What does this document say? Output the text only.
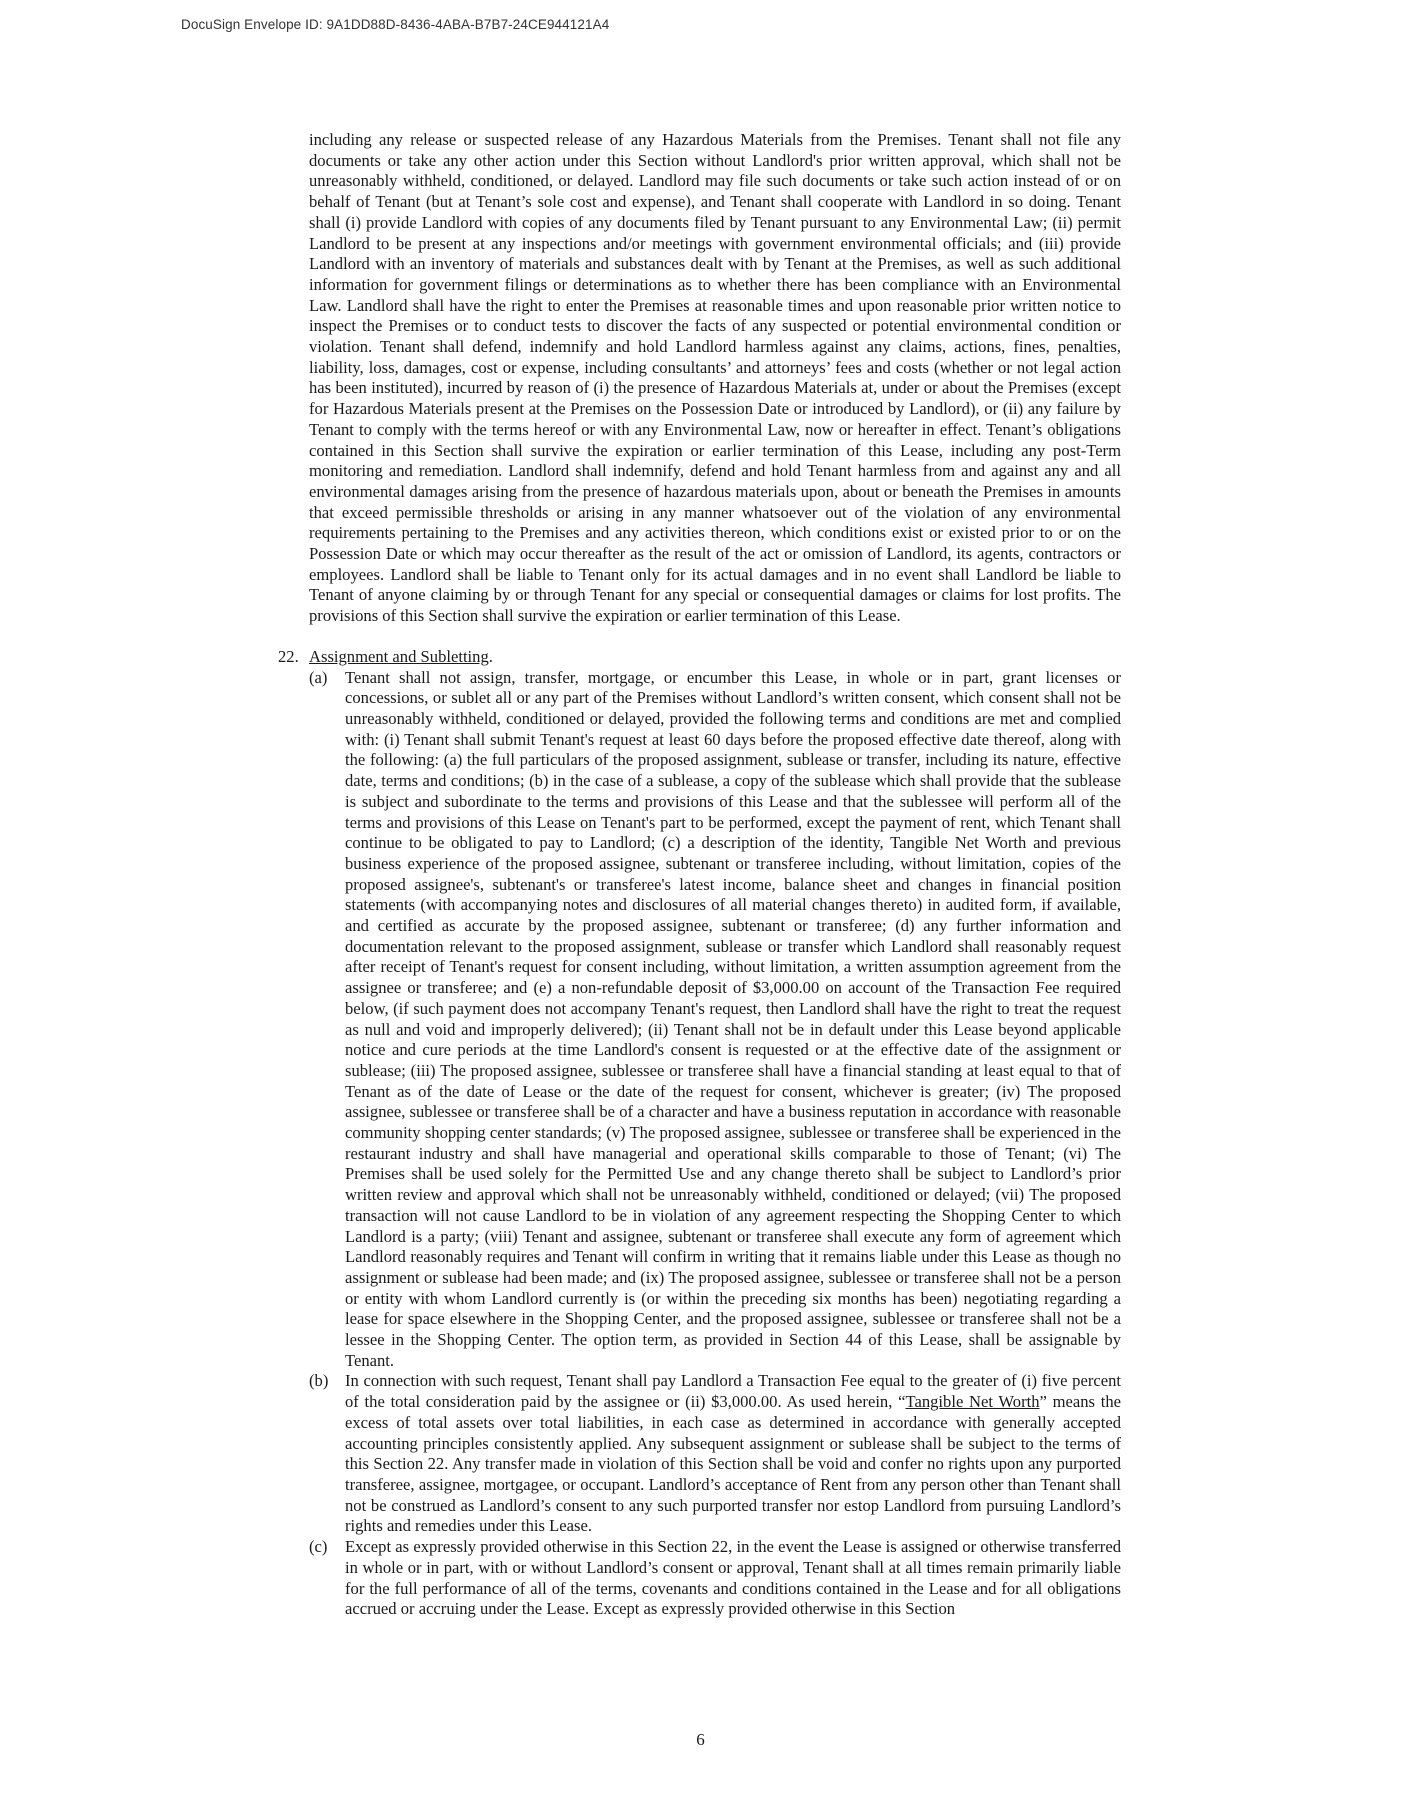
DocuSign Envelope ID: 9A1DD88D-8436-4ABA-B7B7-24CE944121A4

including any release or suspected release of any Hazardous Materials from the Premises. Tenant shall not file any documents or take any other action under this Section without Landlord's prior written approval, which shall not be unreasonably withheld, conditioned, or delayed. Landlord may file such documents or take such action instead of or on behalf of Tenant (but at Tenant’s sole cost and expense), and Tenant shall cooperate with Landlord in so doing. Tenant shall (i) provide Landlord with copies of any documents filed by Tenant pursuant to any Environmental Law; (ii) permit Landlord to be present at any inspections and/or meetings with government environmental officials; and (iii) provide Landlord with an inventory of materials and substances dealt with by Tenant at the Premises, as well as such additional information for government filings or determinations as to whether there has been compliance with an Environmental Law. Landlord shall have the right to enter the Premises at reasonable times and upon reasonable prior written notice to inspect the Premises or to conduct tests to discover the facts of any suspected or potential environmental condition or violation. Tenant shall defend, indemnify and hold Landlord harmless against any claims, actions, fines, penalties, liability, loss, damages, cost or expense, including consultants’ and attorneys’ fees and costs (whether or not legal action has been instituted), incurred by reason of (i) the presence of Hazardous Materials at, under or about the Premises (except for Hazardous Materials present at the Premises on the Possession Date or introduced by Landlord), or (ii) any failure by Tenant to comply with the terms hereof or with any Environmental Law, now or hereafter in effect. Tenant’s obligations contained in this Section shall survive the expiration or earlier termination of this Lease, including any post-Term monitoring and remediation. Landlord shall indemnify, defend and hold Tenant harmless from and against any and all environmental damages arising from the presence of hazardous materials upon, about or beneath the Premises in amounts that exceed permissible thresholds or arising in any manner whatsoever out of the violation of any environmental requirements pertaining to the Premises and any activities thereon, which conditions exist or existed prior to or on the Possession Date or which may occur thereafter as the result of the act or omission of Landlord, its agents, contractors or employees. Landlord shall be liable to Tenant only for its actual damages and in no event shall Landlord be liable to Tenant of anyone claiming by or through Tenant for any special or consequential damages or claims for lost profits. The provisions of this Section shall survive the expiration or earlier termination of this Lease.

22. Assignment and Subletting.

(a) Tenant shall not assign, transfer, mortgage, or encumber this Lease, in whole or in part, grant licenses or concessions, or sublet all or any part of the Premises without Landlord’s written consent, which consent shall not be unreasonably withheld, conditioned or delayed, provided the following terms and conditions are met and complied with: (i) Tenant shall submit Tenant's request at least 60 days before the proposed effective date thereof, along with the following: (a) the full particulars of the proposed assignment, sublease or transfer, including its nature, effective date, terms and conditions; (b) in the case of a sublease, a copy of the sublease which shall provide that the sublease is subject and subordinate to the terms and provisions of this Lease and that the sublessee will perform all of the terms and provisions of this Lease on Tenant's part to be performed, except the payment of rent, which Tenant shall continue to be obligated to pay to Landlord; (c) a description of the identity, Tangible Net Worth and previous business experience of the proposed assignee, subtenant or transferee including, without limitation, copies of the proposed assignee's, subtenant's or transferee's latest income, balance sheet and changes in financial position statements (with accompanying notes and disclosures of all material changes thereto) in audited form, if available, and certified as accurate by the proposed assignee, subtenant or transferee; (d) any further information and documentation relevant to the proposed assignment, sublease or transfer which Landlord shall reasonably request after receipt of Tenant's request for consent including, without limitation, a written assumption agreement from the assignee or transferee; and (e) a non-refundable deposit of $3,000.00 on account of the Transaction Fee required below, (if such payment does not accompany Tenant's request, then Landlord shall have the right to treat the request as null and void and improperly delivered); (ii) Tenant shall not be in default under this Lease beyond applicable notice and cure periods at the time Landlord's consent is requested or at the effective date of the assignment or sublease; (iii) The proposed assignee, sublessee or transferee shall have a financial standing at least equal to that of Tenant as of the date of Lease or the date of the request for consent, whichever is greater; (iv) The proposed assignee, sublessee or transferee shall be of a character and have a business reputation in accordance with reasonable community shopping center standards; (v) The proposed assignee, sublessee or transferee shall be experienced in the restaurant industry and shall have managerial and operational skills comparable to those of Tenant; (vi) The Premises shall be used solely for the Permitted Use and any change thereto shall be subject to Landlord’s prior written review and approval which shall not be unreasonably withheld, conditioned or delayed; (vii) The proposed transaction will not cause Landlord to be in violation of any agreement respecting the Shopping Center to which Landlord is a party; (viii) Tenant and assignee, subtenant or transferee shall execute any form of agreement which Landlord reasonably requires and Tenant will confirm in writing that it remains liable under this Lease as though no assignment or sublease had been made; and (ix) The proposed assignee, sublessee or transferee shall not be a person or entity with whom Landlord currently is (or within the preceding six months has been) negotiating regarding a lease for space elsewhere in the Shopping Center, and the proposed assignee, sublessee or transferee shall not be a lessee in the Shopping Center. The option term, as provided in Section 44 of this Lease, shall be assignable by Tenant.

(b) In connection with such request, Tenant shall pay Landlord a Transaction Fee equal to the greater of (i) five percent of the total consideration paid by the assignee or (ii) $3,000.00. As used herein, “Tangible Net Worth” means the excess of total assets over total liabilities, in each case as determined in accordance with generally accepted accounting principles consistently applied. Any subsequent assignment or sublease shall be subject to the terms of this Section 22. Any transfer made in violation of this Section shall be void and confer no rights upon any purported transferee, assignee, mortgagee, or occupant. Landlord’s acceptance of Rent from any person other than Tenant shall not be construed as Landlord’s consent to any such purported transfer nor estop Landlord from pursuing Landlord’s rights and remedies under this Lease.

(c) Except as expressly provided otherwise in this Section 22, in the event the Lease is assigned or otherwise transferred in whole or in part, with or without Landlord’s consent or approval, Tenant shall at all times remain primarily liable for the full performance of all of the terms, covenants and conditions contained in the Lease and for all obligations accrued or accruing under the Lease. Except as expressly provided otherwise in this Section

6
